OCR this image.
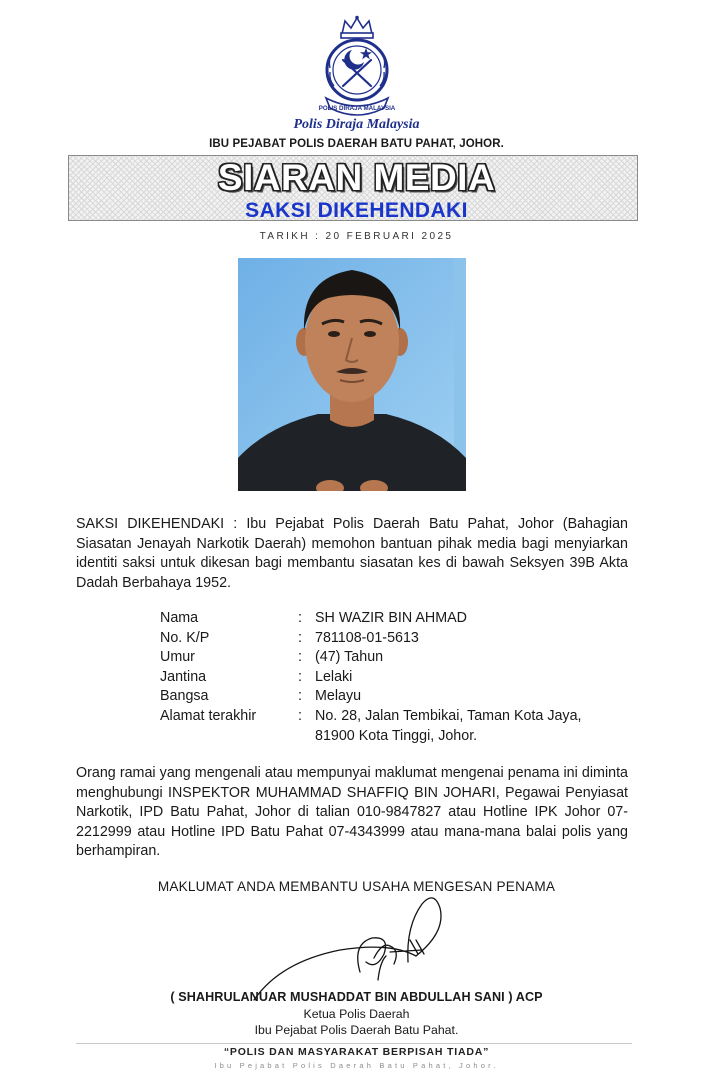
POLIS DIRAJA MALAYSIA
Polis Diraja Malaysia
IBU PEJABAT POLIS DAERAH BATU PAHAT, JOHOR.
SIARAN MEDIA
SAKSI DIKEHENDAKI
TARIKH : 20 FEBRUARI 2025
SAKSI DIKEHENDAKI : Ibu Pejabat Polis Daerah Batu Pahat, Johor (Bahagian Siasatan Jenayah Narkotik Daerah) memohon bantuan pihak media bagi menyiarkan identiti saksi untuk dikesan bagi membantu siasatan kes di bawah Seksyen 39B Akta Dadah Berbahaya 1952.
Nama	: SH WAZIR BIN AHMAD
No. K/P	: 781108-01-5613
Umur	: (47) Tahun
Jantina	: Lelaki
Bangsa	: Melayu
Alamat terakhir	: No. 28, Jalan Tembikai, Taman Kota Jaya,
81900 Kota Tinggi, Johor.
Orang ramai yang mengenali atau mempunyai maklumat mengenai penama ini diminta menghubungi INSPEKTOR MUHAMMAD SHAFFIQ BIN JOHARI, Pegawai Penyiasat Narkotik, IPD Batu Pahat, Johor di talian 010-9847827 atau Hotline IPK Johor 07-2212999 atau Hotline IPD Batu Pahat 07-4343999 atau mana-mana balai polis yang berhampiran.
MAKLUMAT ANDA MEMBANTU USAHA MENGESAN PENAMA
( SHAHRULANUAR MUSHADDAT BIN ABDULLAH SANI ) ACP
Ketua Polis Daerah
Ibu Pejabat Polis Daerah Batu Pahat.
“POLIS DAN MASYARAKAT BERPISAH TIADA”
Ibu Pejabat Polis Daerah Batu Pahat, Johor.
